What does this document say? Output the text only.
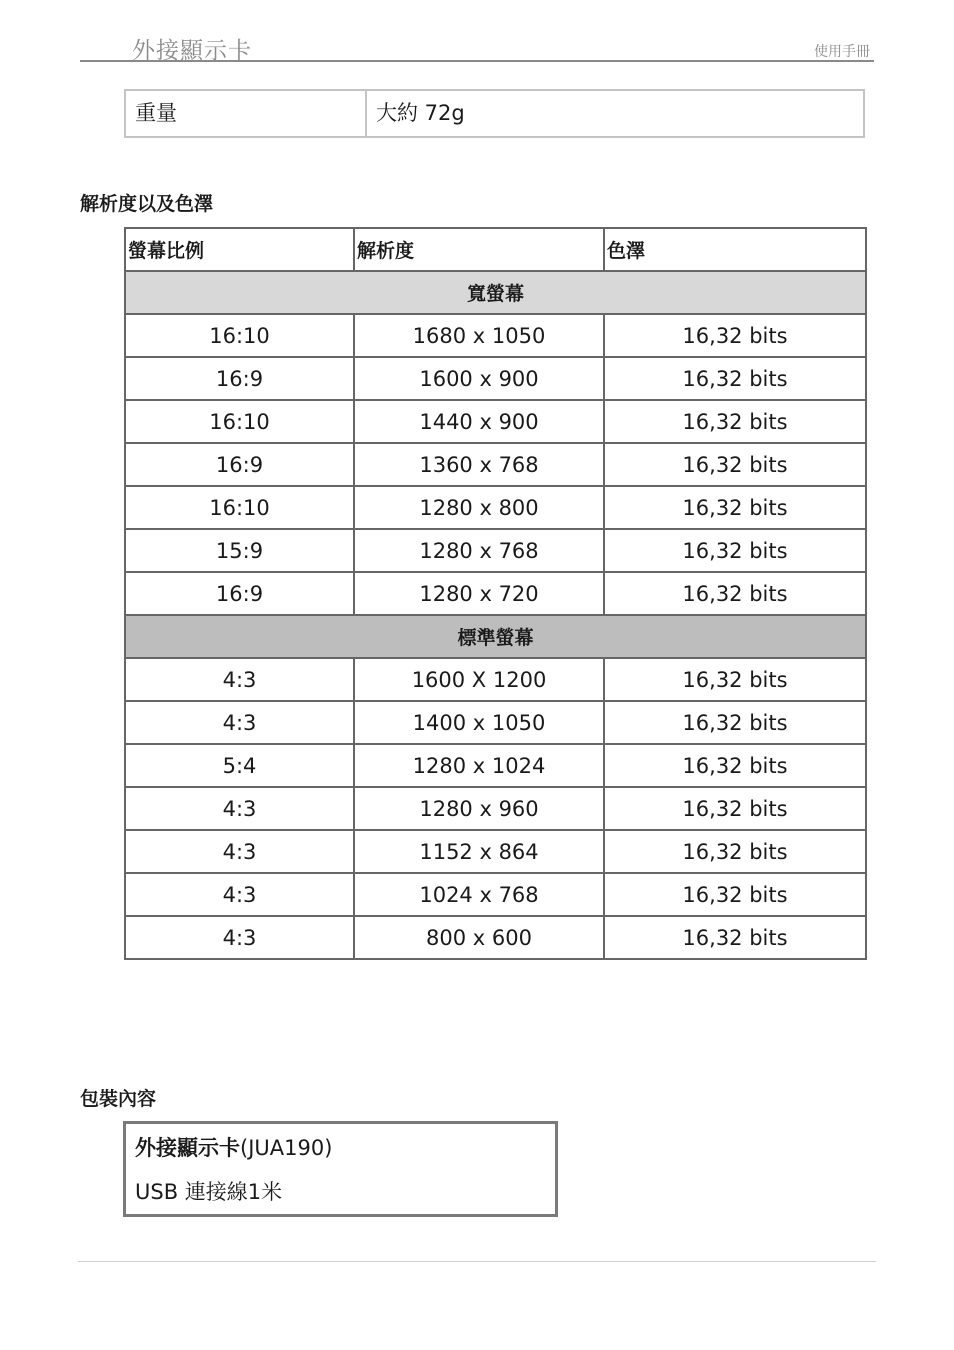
外接顯示卡	使用手冊
重量	大約 72g
解析度以及色澤
螢幕比例	解析度	色澤
寬螢幕		
16:10	1680 x 1050	16,32 bits
16:9	1600 x 900	16,32 bits
16:10	1440 x 900	16,32 bits
16:9	1360 x 768	16,32 bits
16:10	1280 x 800	16,32 bits
15:9	1280 x 768	16,32 bits
16:9	1280 x 720	16,32 bits
標準螢幕		
4:3	1600 X 1200	16,32 bits
4:3	1400 x 1050	16,32 bits
5:4	1280 x 1024	16,32 bits
4:3	1280 x 960	16,32 bits
4:3	1152 x 864	16,32 bits
4:3	1024 x 768	16,32 bits
4:3	800 x 600	16,32 bits
包裝內容
外接顯示卡(JUA190)
USB 連接線1米
